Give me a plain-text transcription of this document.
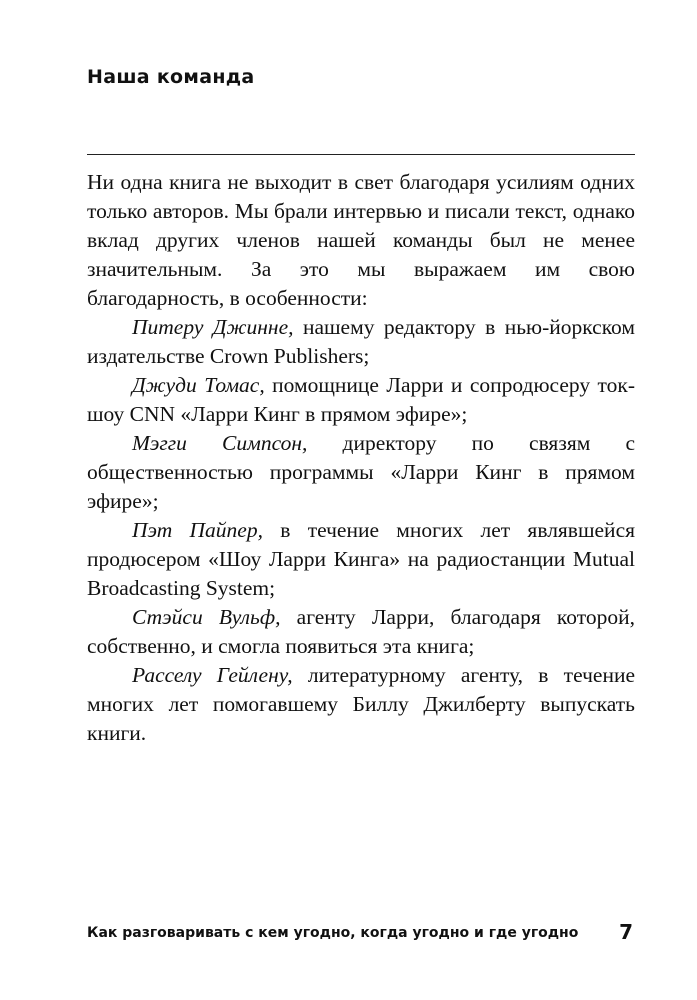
Наша команда

Ни одна книга не выходит в свет благодаря усилиям одних только авторов. Мы брали интервью и писали текст, однако вклад других членов нашей команды был не менее значительным. За это мы выражаем им свою благодарность, в особенности:

Питеру Джинне, нашему редактору в нью-йоркском издательстве Crown Publishers;

Джуди Томас, помощнице Ларри и сопродюсеру ток-шоу CNN «Ларри Кинг в прямом эфире»;

Мэгги Симпсон, директору по связям с общественностью программы «Ларри Кинг в прямом эфире»;

Пэт Пайпер, в течение многих лет являвшейся продюсером «Шоу Ларри Кинга» на радиостанции Mutual Broadcasting System;

Стэйси Вульф, агенту Ларри, благодаря которой, собственно, и смогла появиться эта книга;

Расселу Гейлену, литературному агенту, в течение многих лет помогавшему Биллу Джилберту выпускать книги.

Как разговаривать с кем угодно, когда угодно и где угодно 7
